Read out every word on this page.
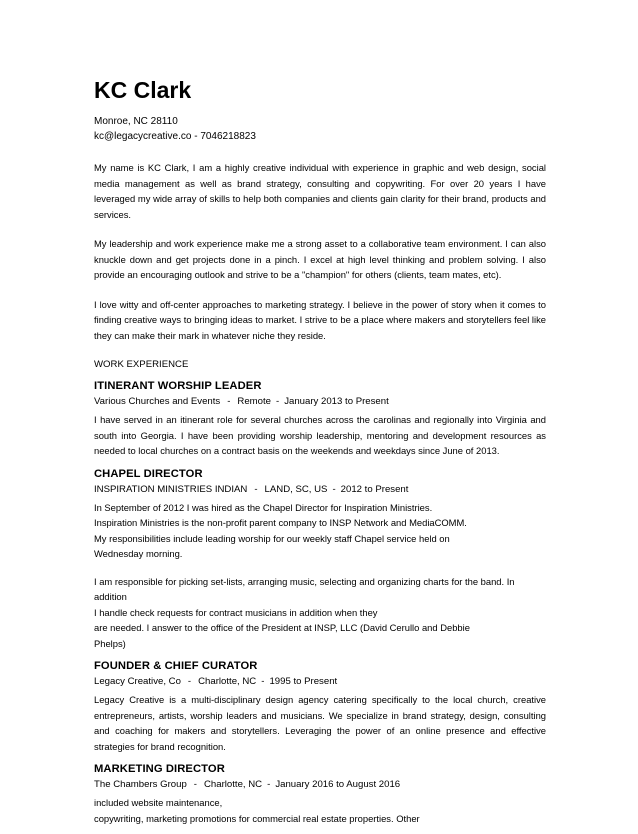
KC Clark
Monroe, NC 28110
kc@legacycreative.co - 7046218823

My name is KC Clark, I am a highly creative individual with experience in graphic and web design, social media management as well as brand strategy, consulting and copywriting. For over 20 years I have leveraged my wide array of skills to help both companies and clients gain clarity for their brand, products and services.

My leadership and work experience make me a strong asset to a collaborative team environment. I can also knuckle down and get projects done in a pinch. I excel at high level thinking and problem solving. I also provide an encouraging outlook and strive to be a "champion" for others (clients, team mates, etc).

I love witty and off-center approaches to marketing strategy. I believe in the power of story when it comes to finding creative ways to bringing ideas to market. I strive to be a place where makers and storytellers feel like they can make their mark in whatever niche they reside.

WORK EXPERIENCE
ITINERANT WORSHIP LEADER
Various Churches and Events - Remote - January 2013 to Present

I have served in an itinerant role for several churches across the carolinas and regionally into Virginia and south into Georgia. I have been providing worship leadership, mentoring and development resources as needed to local churches on a contract basis on the weekends and weekdays since June of 2013.

CHAPEL DIRECTOR
INSPIRATION MINISTRIES INDIAN - LAND, SC, US - 2012 to Present
In September of 2012 I was hired as the Chapel Director for Inspiration Ministries.
Inspiration Ministries is the non-profit parent company to INSP Network and MediaCOMM.
My responsibilities include leading worship for our weekly staff Chapel service held on
Wednesday morning.
I am responsible for picking set-lists, arranging music, selecting and organizing charts for the band. In addition
I handle check requests for contract musicians in addition when they
are needed. I answer to the office of the President at INSP, LLC (David Cerullo and Debbie
Phelps)
FOUNDER & CHIEF CURATOR
Legacy Creative, Co - Charlotte, NC - 1995 to Present

Legacy Creative is a multi-disciplinary design agency catering specifically to the local church, creative entrepreneurs, artists, worship leaders and musicians. We specialize in brand strategy, design, consulting and coaching for makers and storytellers. Leveraging the power of an online presence and effective strategies for brand recognition.

MARKETING DIRECTOR
The Chambers Group - Charlotte, NC - January 2016 to August 2016
included website maintenance,
copywriting, marketing promotions for commercial real estate properties. Other
